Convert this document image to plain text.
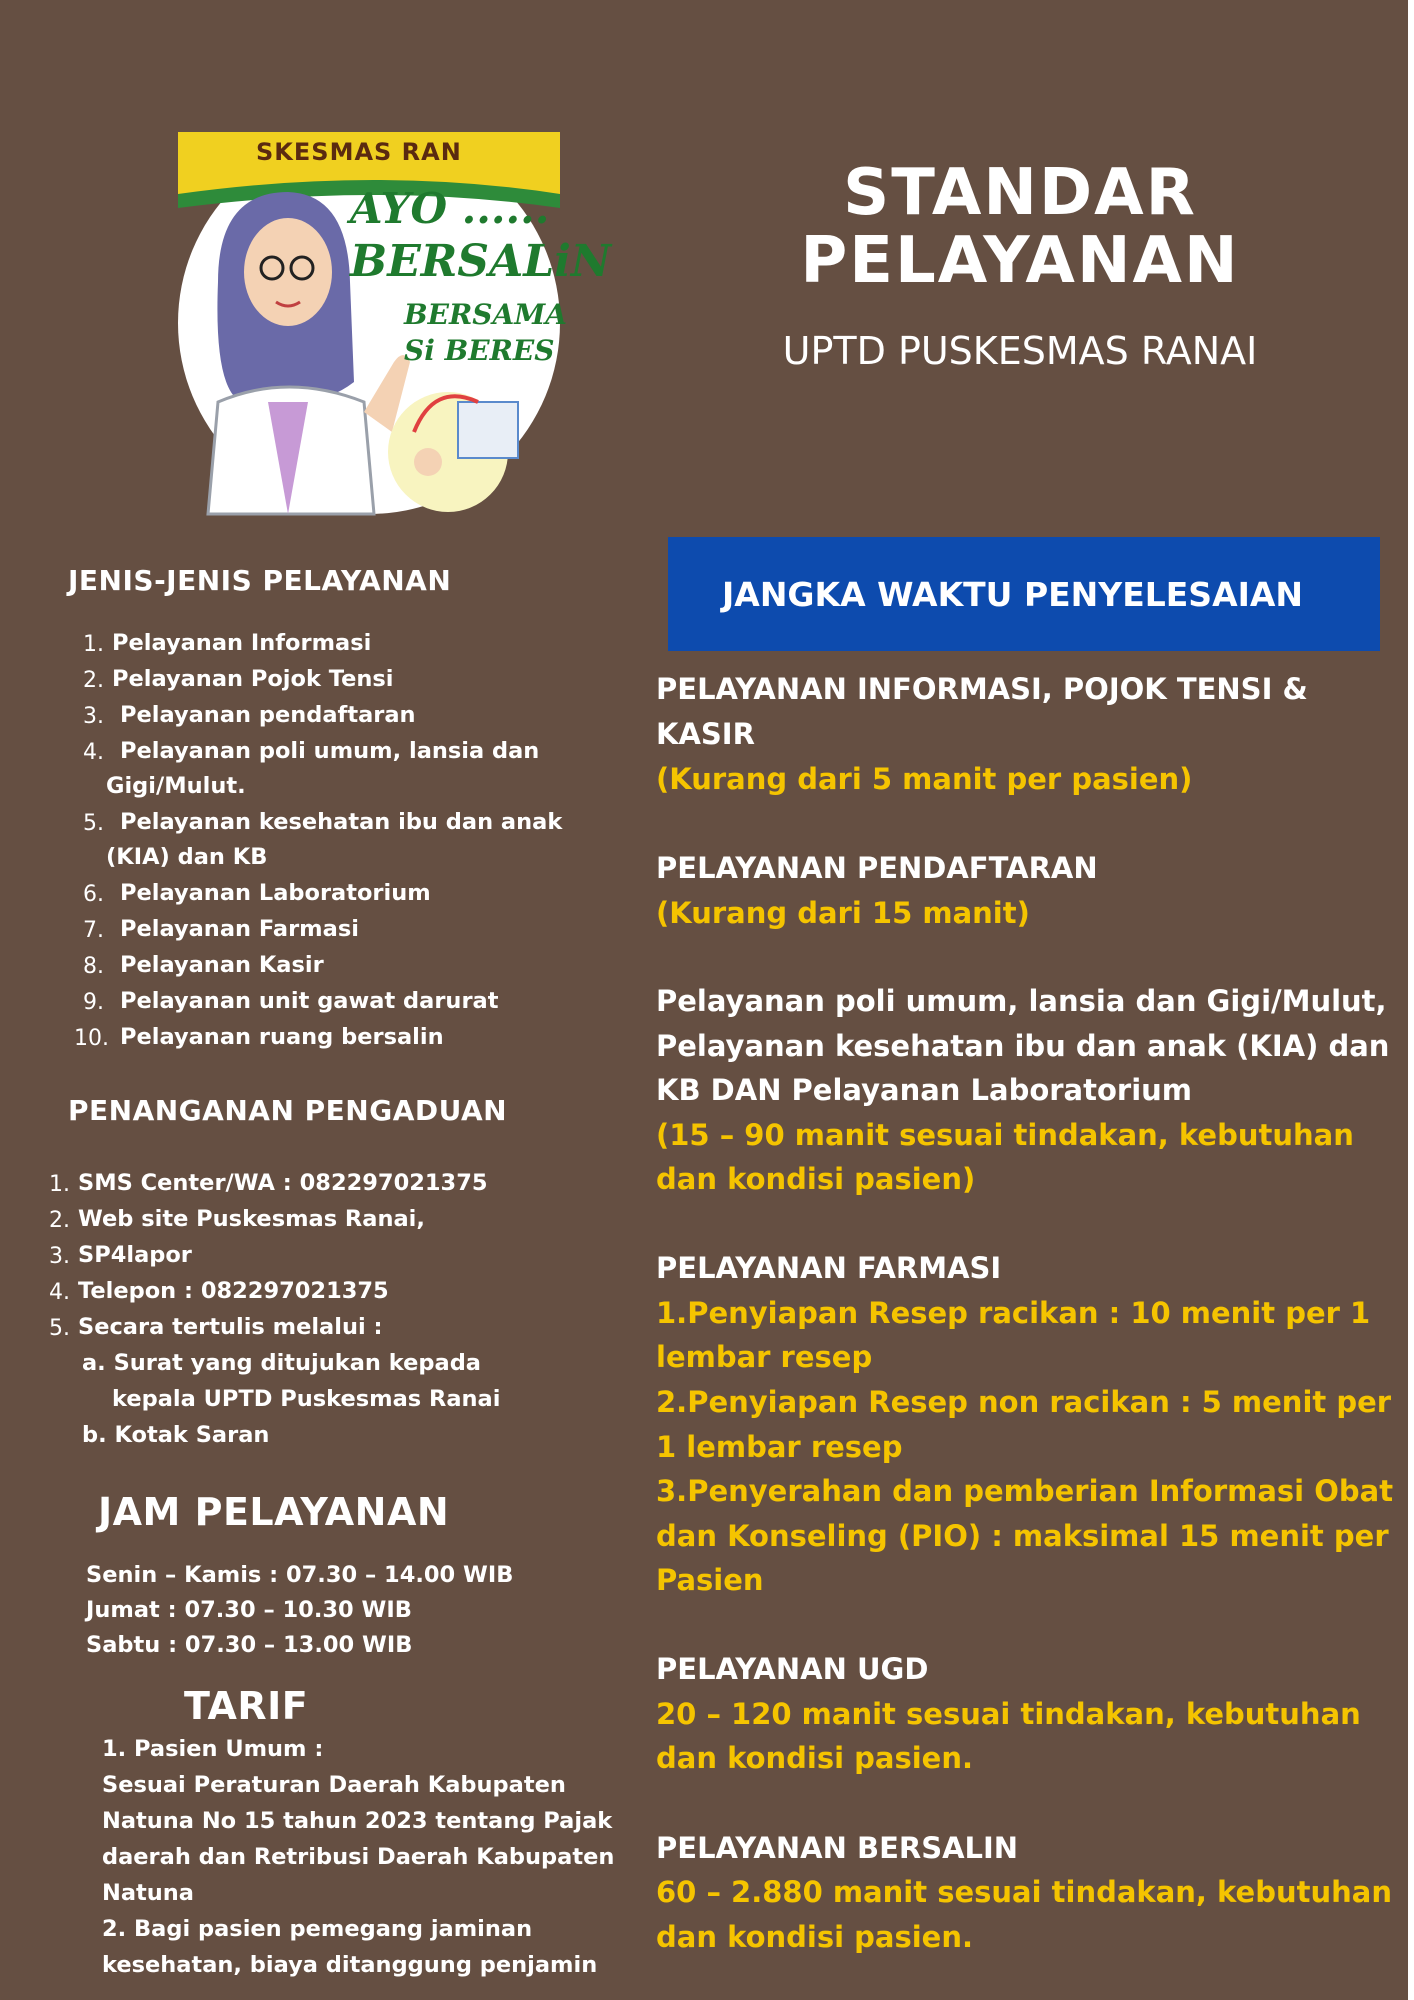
SKESMAS RAN
AYO ......
BERSALiN
BERSAMA
Si BERES
STANDAR
PELAYANAN
UPTD PUSKESMAS RANAI
JENIS-JENIS PELAYANAN
1. Pelayanan Informasi
2. Pelayanan Pojok Tensi
3. Pelayanan pendaftaran
4. Pelayanan poli umum, lansia dan
Gigi/Mulut.
5. Pelayanan kesehatan ibu dan anak
(KIA) dan KB
6. Pelayanan Laboratorium
7. Pelayanan Farmasi
8. Pelayanan Kasir
9. Pelayanan unit gawat darurat
10. Pelayanan ruang bersalin
PENANGANAN PENGADUAN
1. SMS Center/WA : 082297021375
2. Web site Puskesmas Ranai,
3. SP4lapor
4. Telepon : 082297021375
5. Secara tertulis melalui :
a. Surat yang ditujukan kepada
kepala UPTD Puskesmas Ranai
b. Kotak Saran
JAM PELAYANAN
Senin – Kamis : 07.30 – 14.00 WIB
Jumat : 07.30 – 10.30 WIB
Sabtu : 07.30 – 13.00 WIB
TARIF
1. Pasien Umum :
Sesuai Peraturan Daerah Kabupaten
Natuna No 15 tahun 2023 tentang Pajak
daerah dan Retribusi Daerah Kabupaten
Natuna
2. Bagi pasien pemegang jaminan
kesehatan, biaya ditanggung penjamin
JANGKA WAKTU PENYELESAIAN
PELAYANAN INFORMASI, POJOK TENSI &
KASIR
(Kurang dari 5 manit per pasien)
PELAYANAN PENDAFTARAN
(Kurang dari 15 manit)
Pelayanan poli umum, lansia dan Gigi/Mulut,
Pelayanan kesehatan ibu dan anak (KIA) dan
KB DAN Pelayanan Laboratorium
(15 – 90 manit sesuai tindakan, kebutuhan
dan kondisi pasien)
PELAYANAN FARMASI
1.Penyiapan Resep racikan : 10 menit per 1
lembar resep
2.Penyiapan Resep non racikan : 5 menit per
1 lembar resep
3.Penyerahan dan pemberian Informasi Obat
dan Konseling (PIO) : maksimal 15 menit per
Pasien
PELAYANAN UGD
20 – 120 manit sesuai tindakan, kebutuhan
dan kondisi pasien.
PELAYANAN BERSALIN
60 – 2.880 manit sesuai tindakan, kebutuhan
dan kondisi pasien.
